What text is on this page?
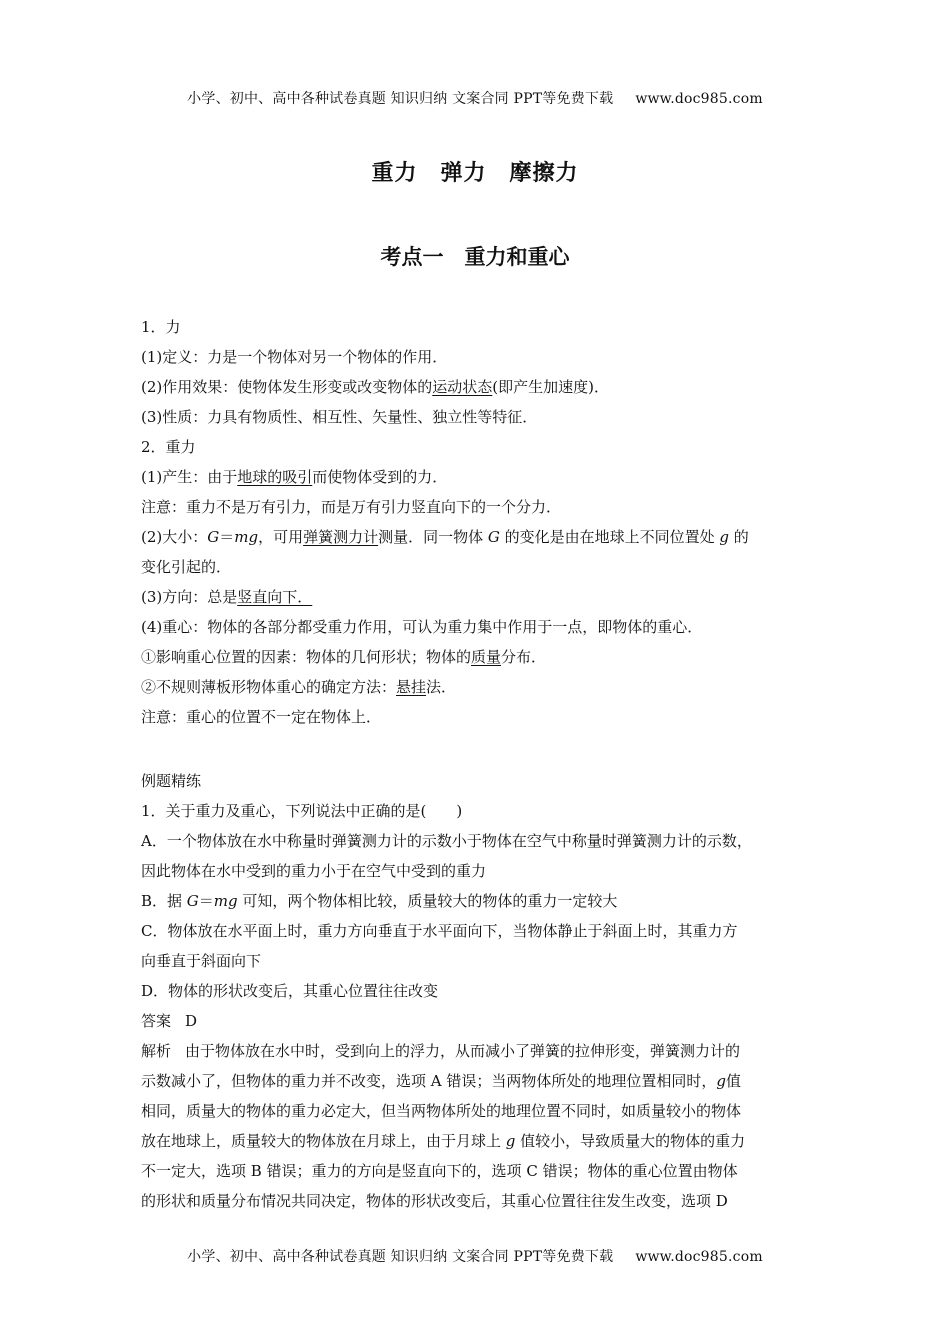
小学、初中、高中各种试卷真题 知识归纳 文案合同 PPT等免费下载 www.doc985.com
重力　弹力　摩擦力
考点一　重力和重心

1．力

(1)定义：力是一个物体对另一个物体的作用．

(2)作用效果：使物体发生形变或改变物体的运动状态(即产生加速度)．

(3)性质：力具有物质性、相互性、矢量性、独立性等特征．

2．重力

(1)产生：由于地球的吸引而使物体受到的力．

注意：重力不是万有引力，而是万有引力竖直向下的一个分力．

(2)大小：G＝mg，可用弹簧测力计测量．同一物体 G 的变化是由在地球上不同位置处 g 的

变化引起的．

(3)方向：总是竖直向下．

(4)重心：物体的各部分都受重力作用，可认为重力集中作用于一点，即物体的重心．

①影响重心位置的因素：物体的几何形状；物体的质量分布．

②不规则薄板形物体重心的确定方法：悬挂法．

注意：重心的位置不一定在物体上．

例题精练

1．关于重力及重心，下列说法中正确的是(　　)

A．一个物体放在水中称量时弹簧测力计的示数小于物体在空气中称量时弹簧测力计的示数，

因此物体在水中受到的重力小于在空气中受到的重力

B．据 G＝mg 可知，两个物体相比较，质量较大的物体的重力一定较大

C．物体放在水平面上时，重力方向垂直于水平面向下，当物体静止于斜面上时，其重力方

向垂直于斜面向下

D．物体的形状改变后，其重心位置往往改变

答案 D

解析 由于物体放在水中时，受到向上的浮力，从而减小了弹簧的拉伸形变，弹簧测力计的

示数减小了，但物体的重力并不改变，选项 A 错误；当两物体所处的地理位置相同时，g值

相同，质量大的物体的重力必定大，但当两物体所处的地理位置不同时，如质量较小的物体

放在地球上，质量较大的物体放在月球上，由于月球上 g 值较小，导致质量大的物体的重力

不一定大，选项 B 错误；重力的方向是竖直向下的，选项 C 错误；物体的重心位置由物体

的形状和质量分布情况共同决定，物体的形状改变后，其重心位置往往发生改变，选项 D

小学、初中、高中各种试卷真题 知识归纳 文案合同 PPT等免费下载 www.doc985.com
